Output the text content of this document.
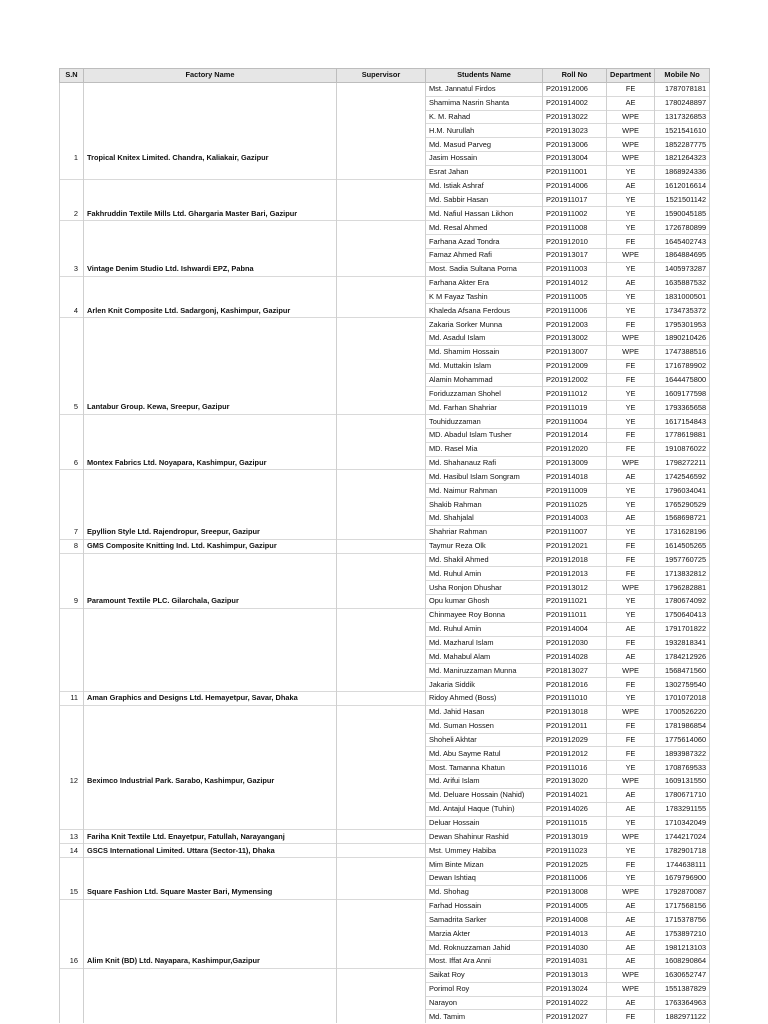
S.N	Factory Name	Supervisor	Students Name	Roll No	Department	Mobile No
			Mst. Jannatul Firdos	P201912006	FE	1787078181
			Shamima Nasrin Shanta	P201914002	AE	1780248897
			K. M. Rahad	P201913022	WPE	1317326853
			H.M. Nurullah	P201913023	WPE	1521541610
			Md. Masud Parveg	P201913006	WPE	1852287775
1	Tropical Knitex Limited. Chandra, Kaliakair, Gazipur		Jasim Hossain	P201913004	WPE	1821264323
			Esrat Jahan	P201911001	YE	1868924336
			Md. Istiak Ashraf	P201914006	AE	1612016614
			Md. Sabbir Hasan	P201911017	YE	1521501142
2	Fakhruddin Textile Mills Ltd. Ghargaria Master Bari, Gazipur		Md. Nafiul Hassan Likhon	P201911002	YE	1590045185
			Md. Resal Ahmed	P201911008	YE	1726780899
			Farhana Azad Tondra	P201912010	FE	1645402743
			Famaz Ahmed Rafi	P201913017	WPE	1864884695
3	Vintage Denim Studio Ltd. Ishwardi EPZ, Pabna		Most. Sadia Sultana Porna	P201911003	YE	1405973287
			Farhana Akter Era	P201914012	AE	1635887532
			K M Fayaz Tashin	P201911005	YE	1831000501
4	Arlen Knit Composite Ltd. Sadargonj, Kashimpur, Gazipur		Khaleda Afsana Ferdous	P201911006	YE	1734735372
			Zakaria Sorker Munna	P201912003	FE	1795301953
			Md. Asadul Islam	P201913002	WPE	1890210426
			Md. Shamim Hossain	P201913007	WPE	1747388516
			Md. Muttakin Islam	P201912009	FE	1716789902
			Alamin Mohammad	P201912002	FE	1644475800
			Foriduzzaman Shohel	P201911012	YE	1609177598
5	Lantabur Group. Kewa, Sreepur, Gazipur		Md. Farhan Shahriar	P201911019	YE	1793365658
			Touhiduzzaman	P201911004	YE	1617154843
			MD. Abadul Islam Tusher	P201912014	FE	1778619881
			MD. Rasel Mia	P201912020	FE	1910876022
6	Montex Fabrics Ltd. Noyapara, Kashimpur, Gazipur		Md. Shahanauz Rafi	P201913009	WPE	1798272211
			Md. Hasibul Islam Songram	P201914018	AE	1742546592
			Md. Naimur Rahman	P201911009	YE	1796034041
			Shakib Rahman	P201911025	YE	1765290529
			Md. Shahjalal	P201914003	AE	1568698721
7	Epyllion Style Ltd. Rajendropur, Sreepur, Gazipur		Shahriar Rahman	P201911007	YE	1731628196
8	GMS Composite Knitting Ind. Ltd. Kashimpur, Gazipur		Taymur Reza Olk	P201912021	FE	1614505265
			Md. Shakil Ahmed	P201912018	FE	1957760725
			Md. Ruhul Amin	P201912013	FE	1713832812
			Usha Ronjon Dhushar	P201913012	WPE	1796282881
9	Paramount Textile PLC. Gilarchala, Gazipur		Opu kumar Ghosh	P201911021	YE	1780674092
			Chinmayee Roy Bonna	P201911011	YE	1750640413
			Md. Ruhul Amin	P201914004	AE	1791701822
			Md. Mazharul Islam	P201912030	FE	1932818341
			Md. Mahabul Alam	P201914028	AE	1784212926
			Md. Maniruzzaman Munna	P201813027	WPE	1568471560
			Jakaria Siddik	P201812016	FE	1302759540
11	Aman Graphics and Designs Ltd. Hemayetpur, Savar, Dhaka		Ridoy Ahmed (Boss)	P201911010	YE	1701072018
			Md. Jahid Hasan	P201913018	WPE	1700526220
			Md. Suman Hossen	P201912011	FE	1781986854
			Shoheli Akhtar	P201912029	FE	1775614060
			Md. Abu Sayme Ratul	P201912012	FE	1893987322
			Most. Tamanna Khatun	P201911016	YE	1708769533
12	Beximco Industrial Park. Sarabo, Kashimpur, Gazipur		Md. Arifui Islam	P201913020	WPE	1609131550
			Md. Deluare Hossain (Nahid)	P201914021	AE	1780671710
			Md. Antajul Haque (Tuhin)	P201914026	AE	1783291155
			Deluar Hossain	P201911015	YE	1710342049
13	Fariha Knit Textile Ltd. Enayetpur, Fatullah, Narayanganj		Dewan Shahinur Rashid	P201913019	WPE	1744217024
14	GSCS International Limited. Uttara (Sector-11), Dhaka		Mst. Ummey Habiba	P201911023	YE	1782901718
			Mim Binte Mizan	P201912025	FE	1744638111
			Dewan Ishtiaq	P201811006	YE	1679796900
15	Square Fashion Ltd. Square Master Bari, Mymensing		Md. Shohag	P201913008	WPE	1792870087
			Farhad Hossain	P201914005	AE	1717568156
			Samadrita Sarker	P201914008	AE	1715378756
			Marzia Akter	P201914013	AE	1753897210
			Md. Roknuzzaman Jahid	P201914030	AE	1981213103
16	Alim Knit (BD) Ltd. Nayapara, Kashimpur,Gazipur		Most. Iffat Ara Anni	P201914031	AE	1608290864
			Saikat Roy	P201913013	WPE	1630652747
			Porimol Roy	P201913024	WPE	1551387829
			Narayon	P201914022	AE	1763364963
			Md. Tamim	P201912027	FE	1882971122
